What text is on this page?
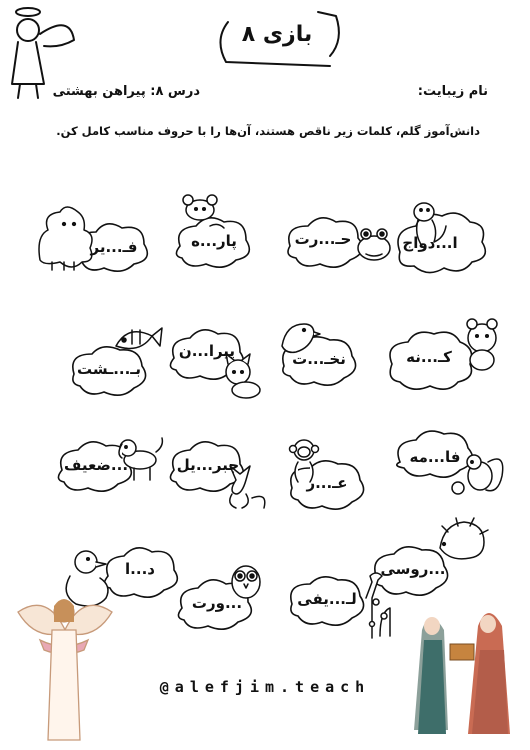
بازی ۸
نام زیبایت:
درس ۸: پیراهن بهشتی
دانش‌آموز گلم، کلمات زیر ناقص هستند، آن‌ها را با حروف مناسب کامل کن.
ا...دواج
حـ...رت
پار...ه
فـ...یر
کـ...نه
نخـ...ت
پیرا...ن
بـ...ـشت
فا...مه
عـ...ر
جبر...یل
...ضعیف
...روسی
لـ...یفی
...ورت
د...ا
@alefjim.teach
